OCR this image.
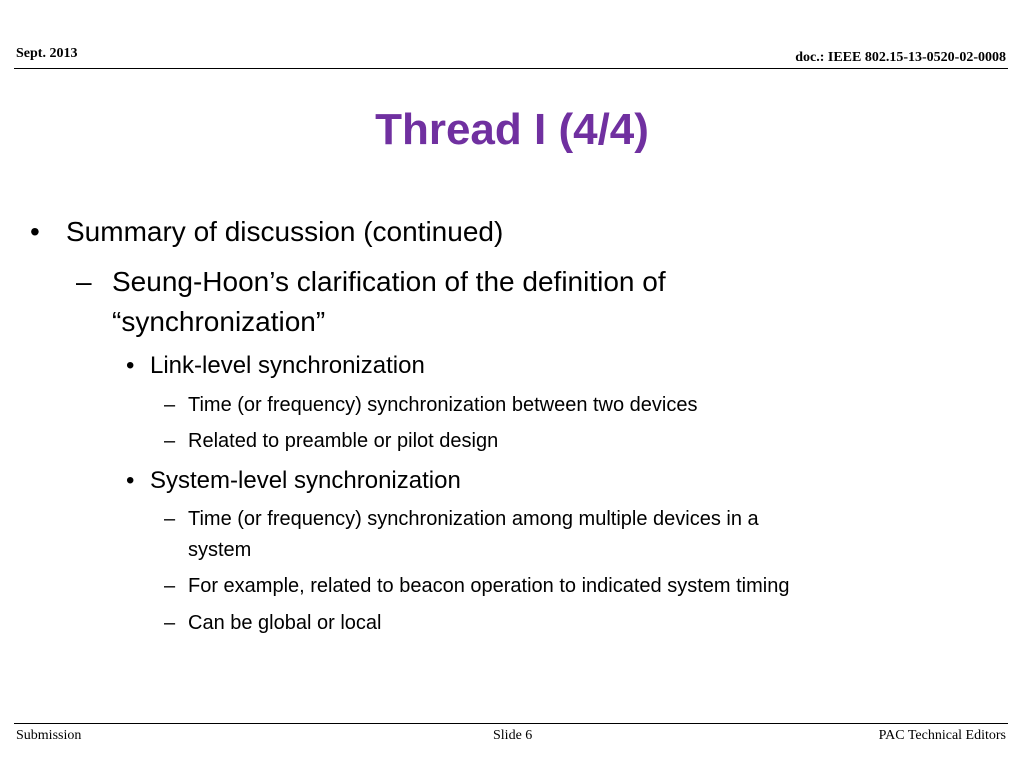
Sept. 2013	doc.: IEEE 802.15-13-0520-02-0008
Thread I (4/4)
• Summary of discussion (continued)
– Seung-Hoon’s clarification of the definition of
“synchronization”
• Link-level synchronization
– Time (or frequency) synchronization between two devices
– Related to preamble or pilot design
• System-level synchronization
– Time (or frequency) synchronization among multiple devices in a
system
– For example, related to beacon operation to indicated system timing
– Can be global or local
Submission	Slide 6	PAC Technical Editors
